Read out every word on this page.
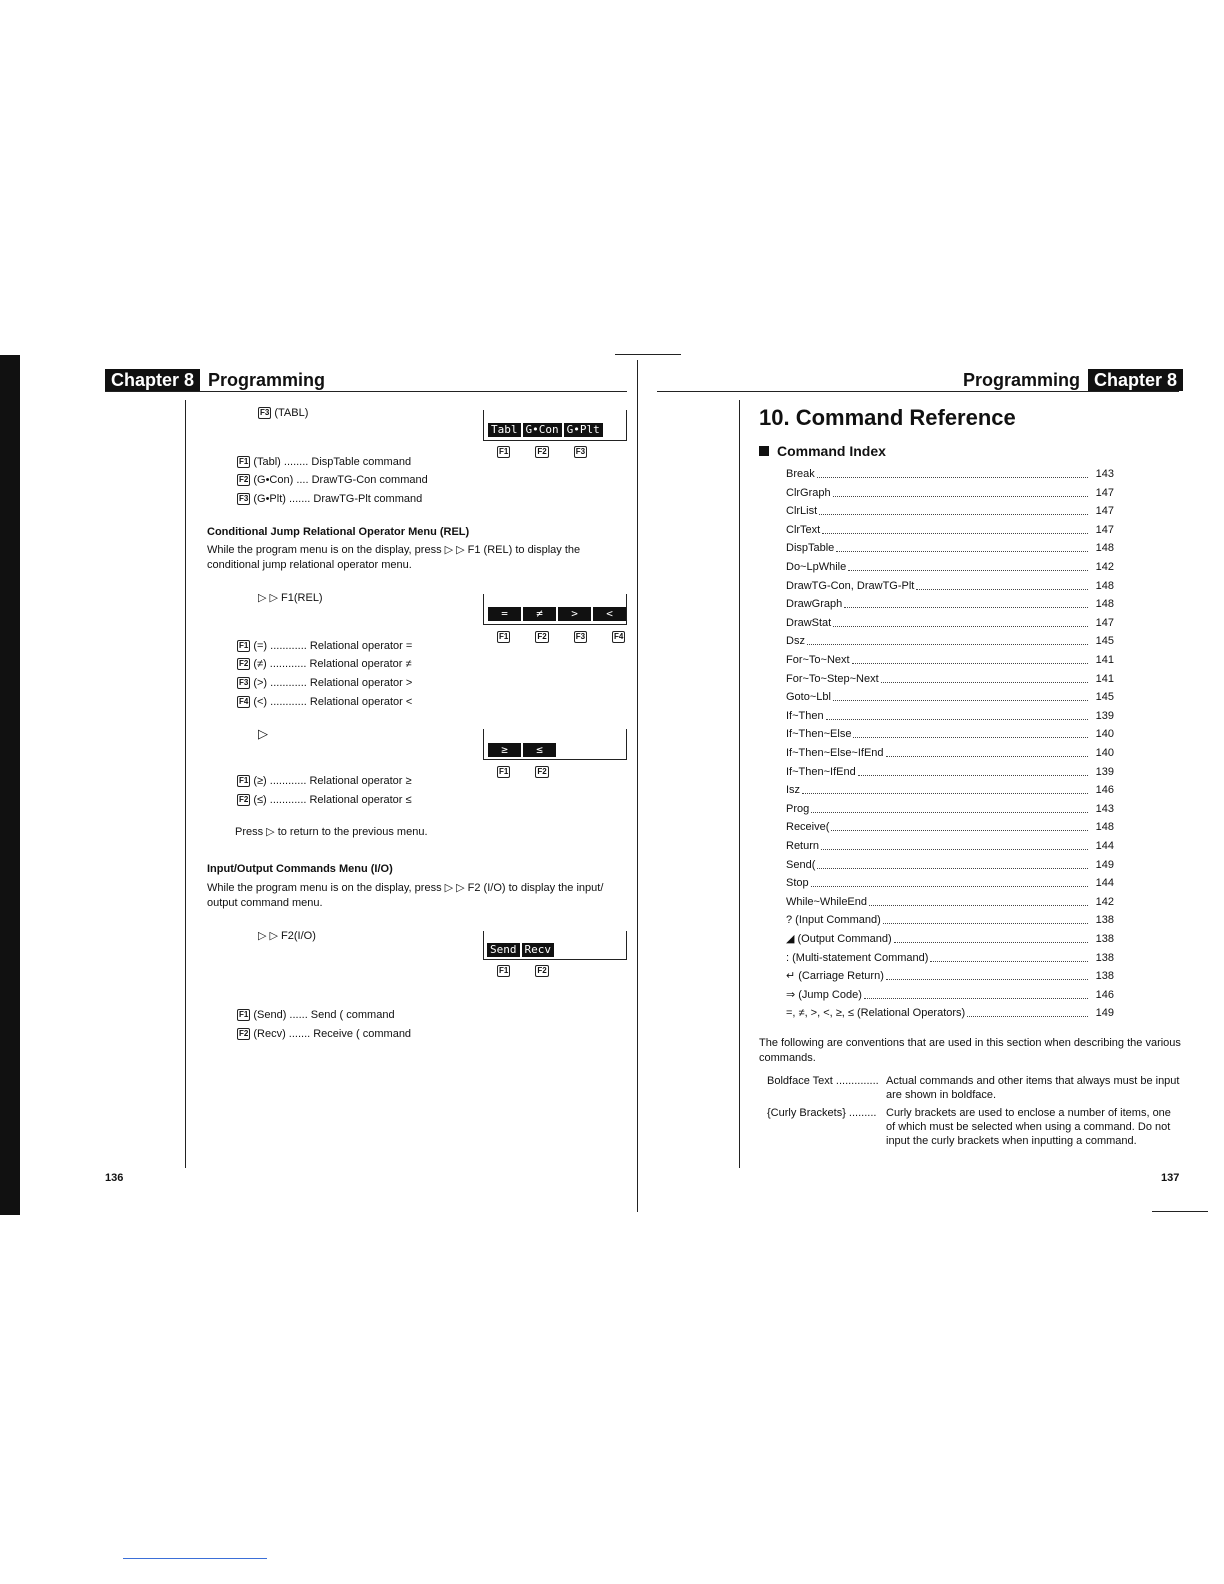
Chapter 8 Programming
F3 (TABL)
Tabl G•Con G•Plt
F1	F2	F3
F1 (Tabl) ........ DispTable command
F2 (G•Con) .... DrawTG-Con command
F3 (G•Plt) ....... DrawTG-Plt command
Conditional Jump Relational Operator Menu (REL)
While the program menu is on the display, press ▷ ▷ F1 (REL) to display the conditional jump relational operator menu.
▷ ▷ F1(REL)
=	≠	>	<
F1	F2	F3	F4
F1 (=) ............ Relational operator =
F2 (≠) ............ Relational operator ≠
F3 (>) ............ Relational operator >
F4 (<) ............ Relational operator <
▷
≥	≤
F1	F2
F1 (≥) ............ Relational operator ≥
F2 (≤) ............ Relational operator ≤
Press ▷ to return to the previous menu.
Input/Output Commands Menu (I/O)
While the program menu is on the display, press ▷ ▷ F2 (I/O) to display the input/ output command menu.
▷ ▷ F2(I/O)
Send Recv
F1	F2
F1 (Send) ...... Send ( command
F2 (Recv) ....... Receive ( command
136
Programming Chapter 8
10. Command Reference
Command Index
Break	143
ClrGraph	147
ClrList	147
ClrText	147
DispTable	148
Do~LpWhile	142
DrawTG-Con, DrawTG-Plt	148
DrawGraph	148
DrawStat	147
Dsz	145
For~To~Next	141
For~To~Step~Next	141
Goto~Lbl	145
If~Then	139
If~Then~Else	140
If~Then~Else~IfEnd	140
If~Then~IfEnd	139
Isz	146
Prog	143
Receive(	148
Return	144
Send(	149
Stop	144
While~WhileEnd	142
? (Input Command)	138
◢ (Output Command)	138
: (Multi-statement Command)	138
↵ (Carriage Return)	138
⇒ (Jump Code)	146
=, ≠, >, <, ≥, ≤ (Relational Operators)	149
The following are conventions that are used in this section when describing the various commands.
Boldface Text .............. Actual commands and other items that always must be input are shown in boldface.
{Curly Brackets} ......... Curly brackets are used to enclose a number of items, one of which must be selected when using a command. Do not input the curly brackets when inputting a command.
137
